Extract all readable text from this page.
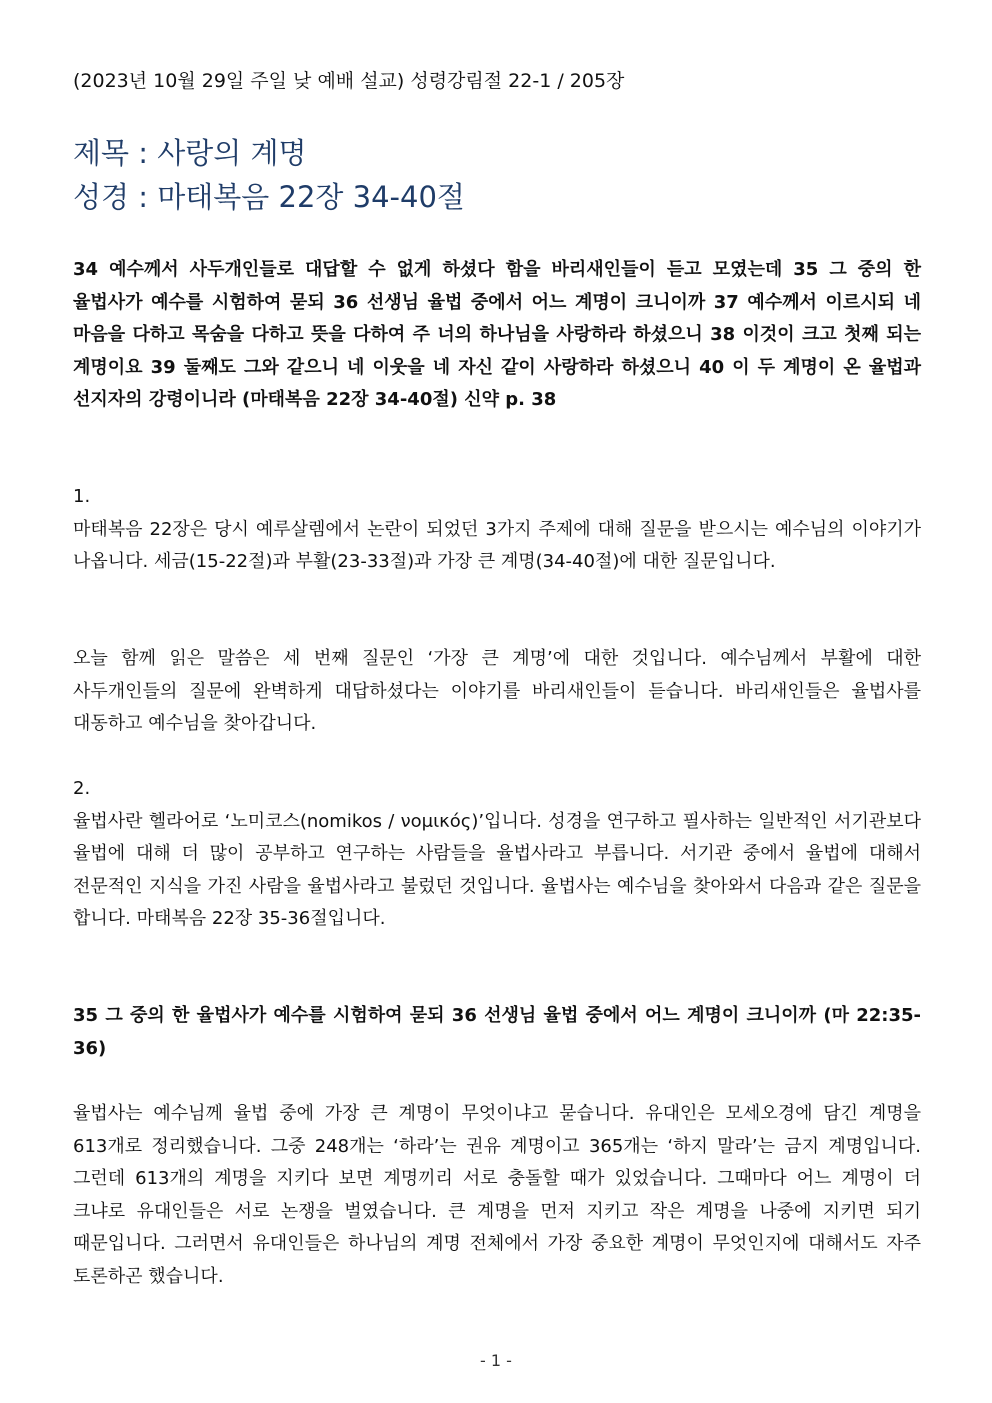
(2023년 10월 29일 주일 낮 예배 설교) 성령강림절 22-1 / 205장
제목 : 사랑의 계명
성경 : 마태복음 22장 34-40절

34 예수께서 사두개인들로 대답할 수 없게 하셨다 함을 바리새인들이 듣고 모였는데 35 그 중의 한 율법사가 예수를 시험하여 묻되 36 선생님 율법 중에서 어느 계명이 크니이까 37 예수께서 이르시되 네 마음을 다하고 목숨을 다하고 뜻을 다하여 주 너의 하나님을 사랑하라 하셨으니 38 이것이 크고 첫째 되는 계명이요 39 둘째도 그와 같으니 네 이웃을 네 자신 같이 사랑하라 하셨으니 40 이 두 계명이 온 율법과 선지자의 강령이니라 (마태복음 22장 34-40절) 신약 p. 38

1.

마태복음 22장은 당시 예루살렘에서 논란이 되었던 3가지 주제에 대해 질문을 받으시는 예수님의 이야기가 나옵니다. 세금(15-22절)과 부활(23-33절)과 가장 큰 계명(34-40절)에 대한 질문입니다.

오늘 함께 읽은 말씀은 세 번째 질문인 ‘가장 큰 계명’에 대한 것입니다. 예수님께서 부활에 대한 사두개인들의 질문에 완벽하게 대답하셨다는 이야기를 바리새인들이 듣습니다. 바리새인들은 율법사를 대동하고 예수님을 찾아갑니다.

2.

율법사란 헬라어로 ‘노미코스(nomikos / νομικός)’입니다. 성경을 연구하고 필사하는 일반적인 서기관보다 율법에 대해 더 많이 공부하고 연구하는 사람들을 율법사라고 부릅니다. 서기관 중에서 율법에 대해서 전문적인 지식을 가진 사람을 율법사라고 불렀던 것입니다. 율법사는 예수님을 찾아와서 다음과 같은 질문을 합니다. 마태복음 22장 35-36절입니다.

35 그 중의 한 율법사가 예수를 시험하여 묻되 36 선생님 율법 중에서 어느 계명이 크니이까 (마 22:35-36)

율법사는 예수님께 율법 중에 가장 큰 계명이 무엇이냐고 묻습니다. 유대인은 모세오경에 담긴 계명을 613개로 정리했습니다. 그중 248개는 ‘하라’는 권유 계명이고 365개는 ‘하지 말라’는 금지 계명입니다. 그런데 613개의 계명을 지키다 보면 계명끼리 서로 충돌할 때가 있었습니다. 그때마다 어느 계명이 더 크냐로 유대인들은 서로 논쟁을 벌였습니다. 큰 계명을 먼저 지키고 작은 계명을 나중에 지키면 되기 때문입니다. 그러면서 유대인들은 하나님의 계명 전체에서 가장 중요한 계명이 무엇인지에 대해서도 자주 토론하곤 했습니다.

- 1 -
